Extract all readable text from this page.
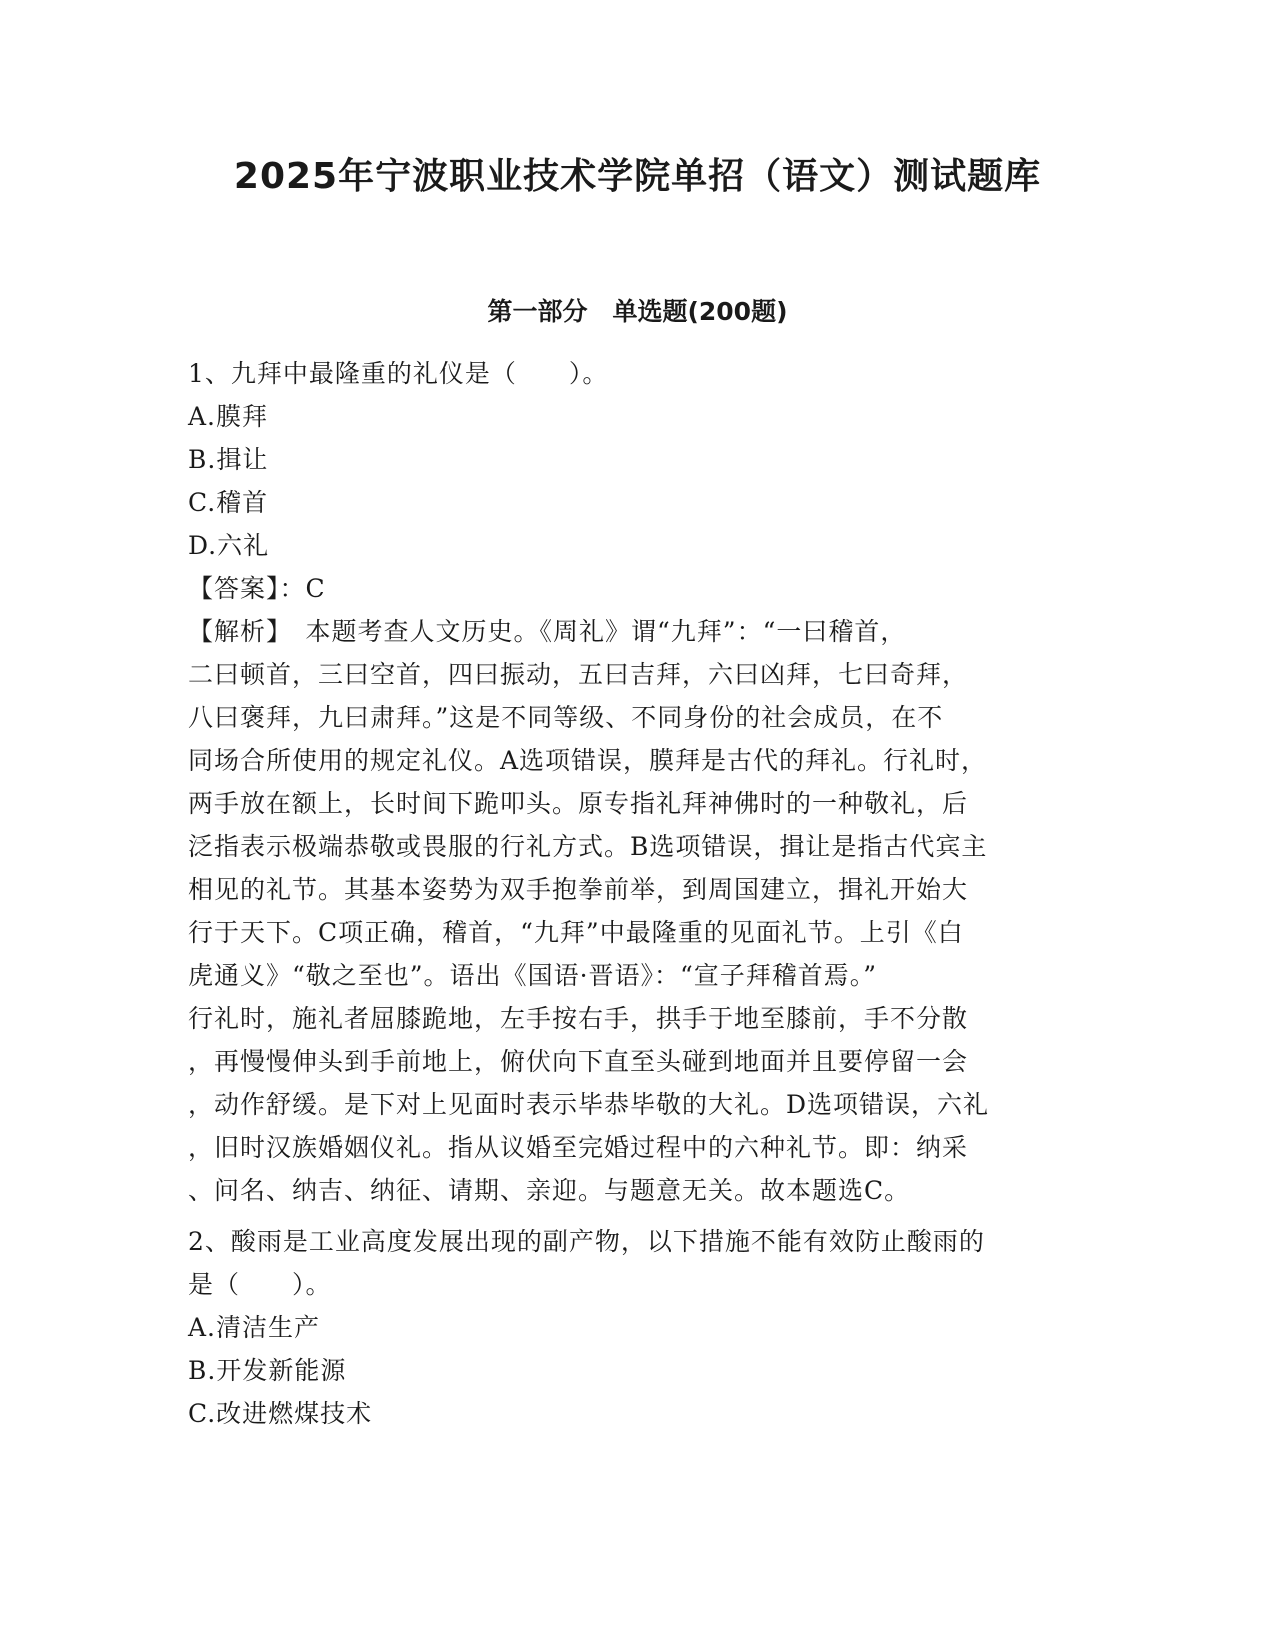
2025年宁波职业技术学院单招（语文）测试题库
第一部分　单选题(200题)
1、九拜中最隆重的礼仪是（　　）。
A.膜拜
B.揖让
C.稽首
D.六礼
【答案】：C
【解析】　本题考查人文历史。《周礼》谓“九拜”：“一曰稽首，
二曰顿首，三曰空首，四曰振动，五曰吉拜，六曰凶拜，七曰奇拜，
八曰褒拜，九曰肃拜。”这是不同等级、不同身份的社会成员，在不
同场合所使用的规定礼仪。A选项错误，膜拜是古代的拜礼。行礼时，
两手放在额上，长时间下跪叩头。原专指礼拜神佛时的一种敬礼，后
泛指表示极端恭敬或畏服的行礼方式。B选项错误，揖让是指古代宾主
相见的礼节。其基本姿势为双手抱拳前举，到周国建立，揖礼开始大
行于天下。C项正确，稽首，“九拜”中最隆重的见面礼节。上引《白
虎通义》“敬之至也”。语出《国语·晋语》：“宣子拜稽首焉。”
行礼时，施礼者屈膝跪地，左手按右手，拱手于地至膝前，手不分散
，再慢慢伸头到手前地上，俯伏向下直至头碰到地面并且要停留一会
，动作舒缓。是下对上见面时表示毕恭毕敬的大礼。D选项错误，六礼
，旧时汉族婚姻仪礼。指从议婚至完婚过程中的六种礼节。即：纳采
、问名、纳吉、纳征、请期、亲迎。与题意无关。故本题选C。
2、酸雨是工业高度发展出现的副产物，以下措施不能有效防止酸雨的
是（　　）。
A.清洁生产
B.开发新能源
C.改进燃煤技术
